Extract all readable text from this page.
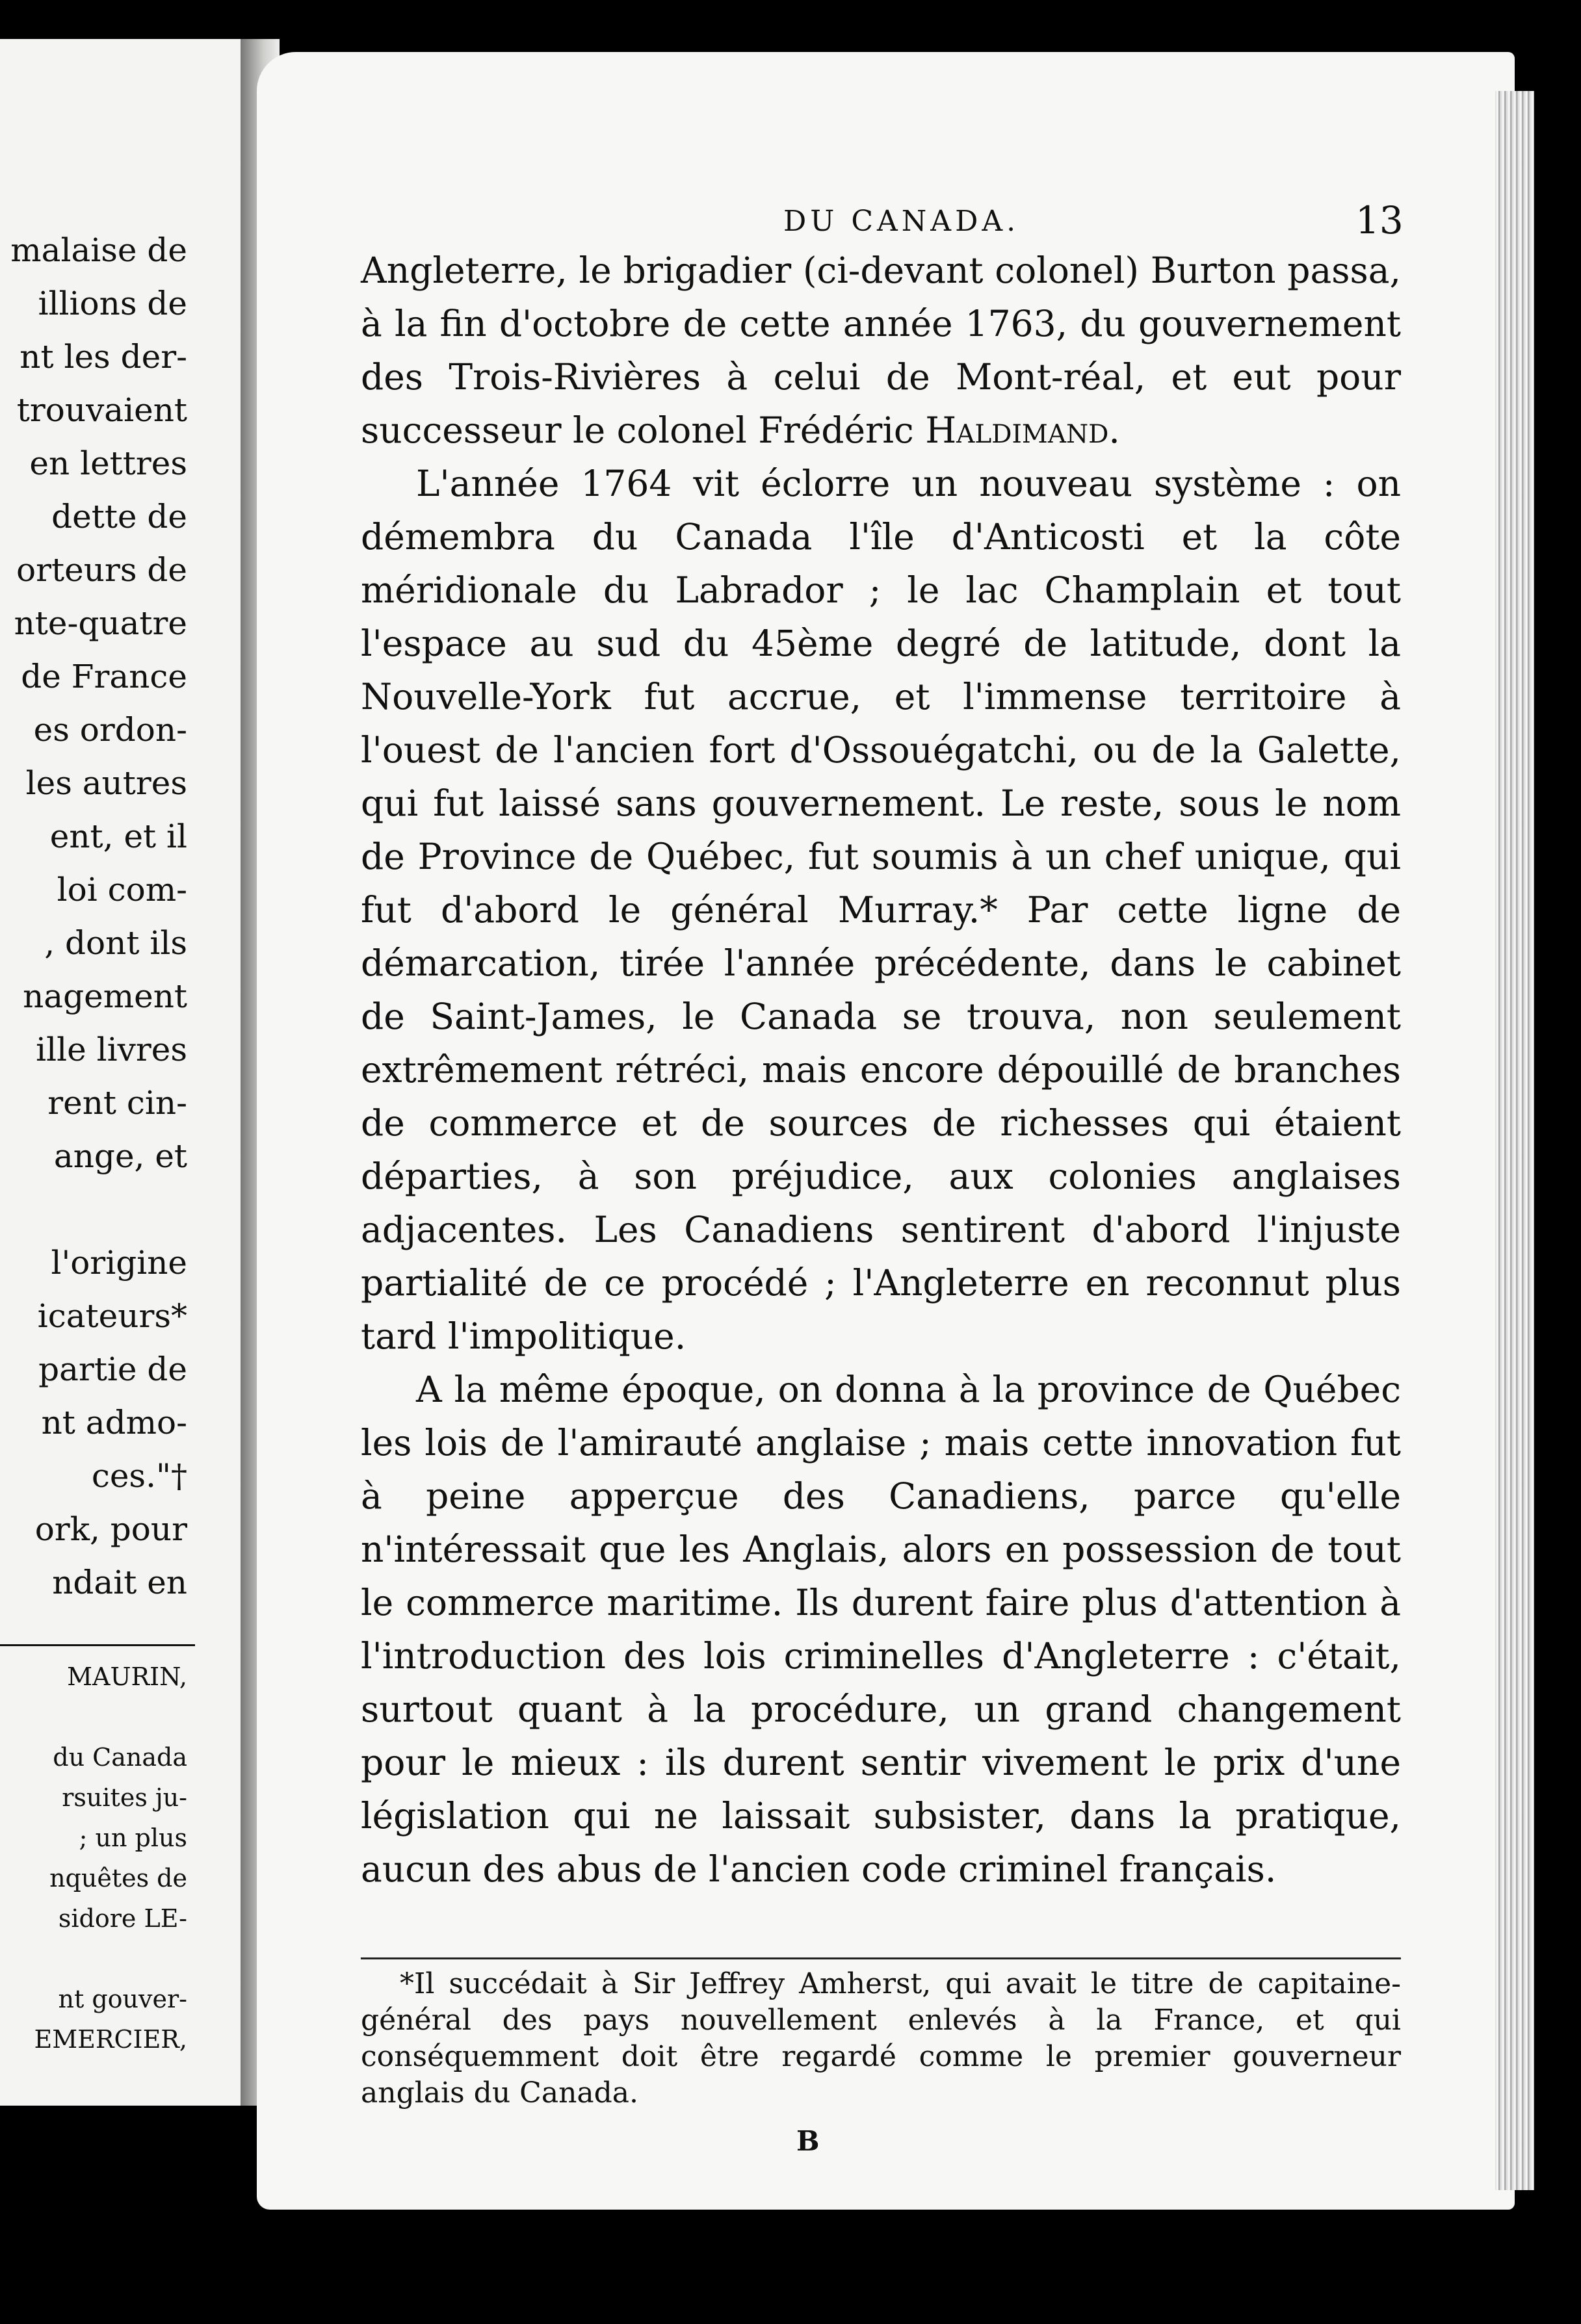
malaise de
illions de
nt les der-
trouvaient
en lettres
dette de
orteurs de
nte-quatre
de France
es ordon-
les autres
ent, et il
loi com-
, dont ils
nagement
ille livres
rent cin-
ange, et
l'origine
icateurs*
partie de
nt admo-
ces."†
ork, pour
ndait en
MAURIN,
du Canada
rsuites ju-
; un plus
nquêtes de
sidore LE-
nt gouver-
EMERCIER,
DU CANADA.	13

Angleterre, le brigadier (ci-devant colonel) Burton passa, à la fin d'octobre de cette année 1763, du gouvernement des Trois-Rivières à celui de Mont-réal, et eut pour successeur le colonel Frédéric Haldimand.

L'année 1764 vit éclorre un nouveau système : on démembra du Canada l'île d'Anticosti et la côte méridionale du Labrador ; le lac Champlain et tout l'espace au sud du 45ème degré de latitude, dont la Nouvelle-York fut accrue, et l'immense territoire à l'ouest de l'ancien fort d'Ossouégatchi, ou de la Galette, qui fut laissé sans gouvernement. Le reste, sous le nom de Province de Québec, fut soumis à un chef unique, qui fut d'abord le général Murray.* Par cette ligne de démarcation, tirée l'année précédente, dans le cabinet de Saint-James, le Canada se trouva, non seulement extrêmement rétréci, mais encore dépouillé de branches de commerce et de sources de richesses qui étaient départies, à son préjudice, aux colonies anglaises adjacentes. Les Canadiens sentirent d'abord l'injuste partialité de ce procédé ; l'Angleterre en reconnut plus tard l'impolitique.

A la même époque, on donna à la province de Québec les lois de l'amirauté anglaise ; mais cette innovation fut à peine apperçue des Canadiens, parce qu'elle n'intéressait que les Anglais, alors en possession de tout le commerce maritime. Ils durent faire plus d'attention à l'introduction des lois criminelles d'Angleterre : c'était, surtout quant à la procédure, un grand changement pour le mieux : ils durent sentir vivement le prix d'une législation qui ne laissait subsister, dans la pratique, aucun des abus de l'ancien code criminel français.

*Il succédait à Sir Jeffrey Amherst, qui avait le titre de capitaine-général des pays nouvellement enlevés à la France, et qui conséquemment doit être regardé comme le premier gouverneur anglais du Canada.

B
